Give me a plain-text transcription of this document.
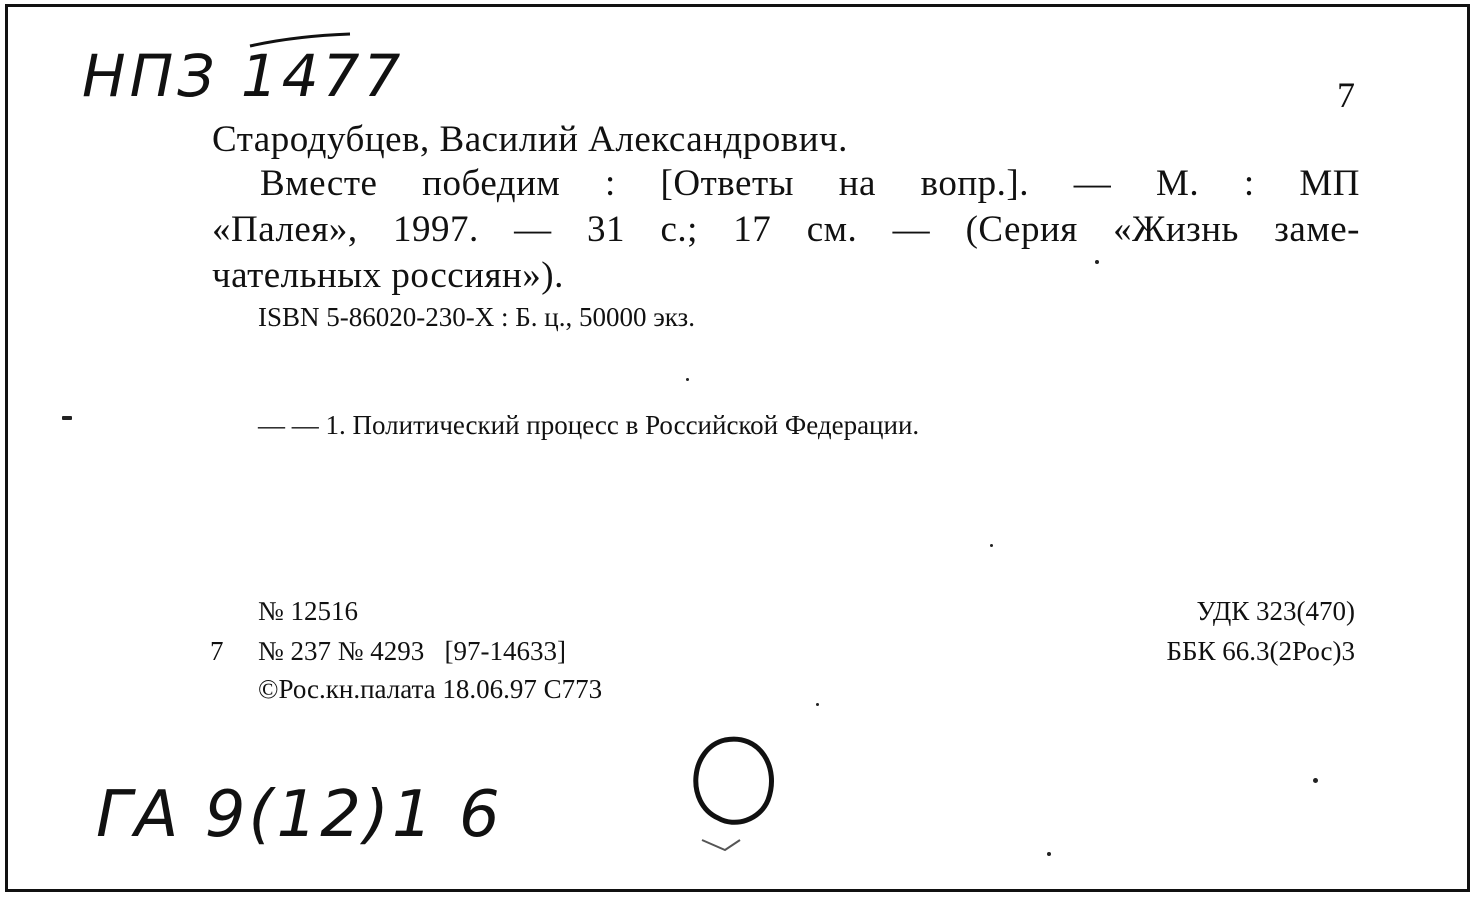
НПЗ 1477	7
Стародубцев, Василий Александрович.
Вместе победим : [Ответы на вопр.]. — М. : МП
«Палея», 1997. — 31 с.; 17 см. — (Серия «Жизнь заме-
чательных россиян»).
ISBN 5-86020-230-X : Б. ц., 50000 экз.
— — 1. Политический процесс в Российской Федерации.
№ 12516
7 № 237 № 4293   [97-14633]
©Рос.кн.палата 18.06.97 С773
УДК 323(470)
ББК 66.3(2Рос)3
ГА 9(12)1 6
